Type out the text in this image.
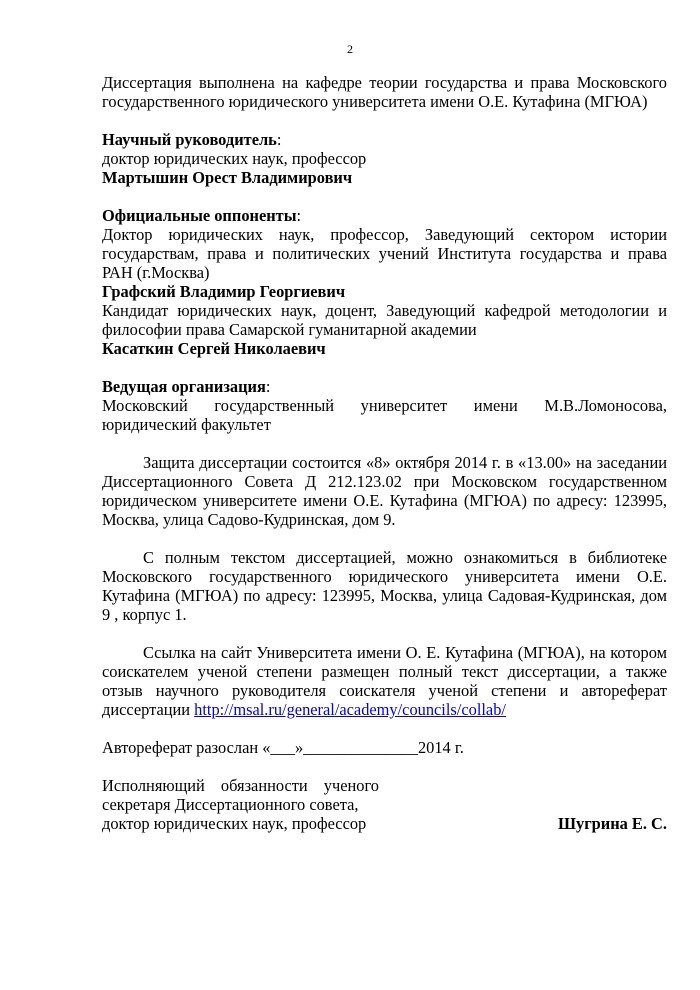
2

Диссертация выполнена на кафедре теории государства и права Московского

государственного юридического университета имени О.Е. Кутафина (МГЮА)

Научный руководитель:

доктор юридических наук, профессор

Мартышин Орест Владимирович

Официальные оппоненты:

Доктор юридических наук, профессор, Заведующий сектором истории

государствам, права и политических учений Института государства и права

РАН (г.Москва)

Графский Владимир Георгиевич

Кандидат юридических наук, доцент, Заведующий кафедрой методологии и

философии права Самарской гуманитарной академии

Касаткин Сергей Николаевич

Ведущая организация:

Московский государственный университет имени М.В.Ломоносова,

юридический факультет

Защита диссертации состоится «8» октября 2014 г. в «13.00» на заседании Диссертационного Совета Д 212.123.02 при Московском государственном юридическом университете имени О.Е. Кутафина (МГЮА) по адресу: 123995, Москва, улица Садово-Кудринская, дом 9.

С полным текстом диссертацией, можно ознакомиться в библиотеке Московского государственного юридического университета имени О.Е. Кутафина (МГЮА) по адресу: 123995, Москва, улица Садовая-Кудринская, дом 9 , корпус 1.

Ссылка на сайт Университета имени О. Е. Кутафина (МГЮА), на котором соискателем ученой степени размещен полный текст диссертации, а также отзыв научного руководителя соискателя ученой степени и автореферат диссертации http://msal.ru/general/academy/councils/collab/

Автореферат разослан «___»______________2014 г.

Исполняющий обязанности ученого

секретаря Диссертационного совета,

доктор юридических наук, профессор	Шугрина Е. С.
